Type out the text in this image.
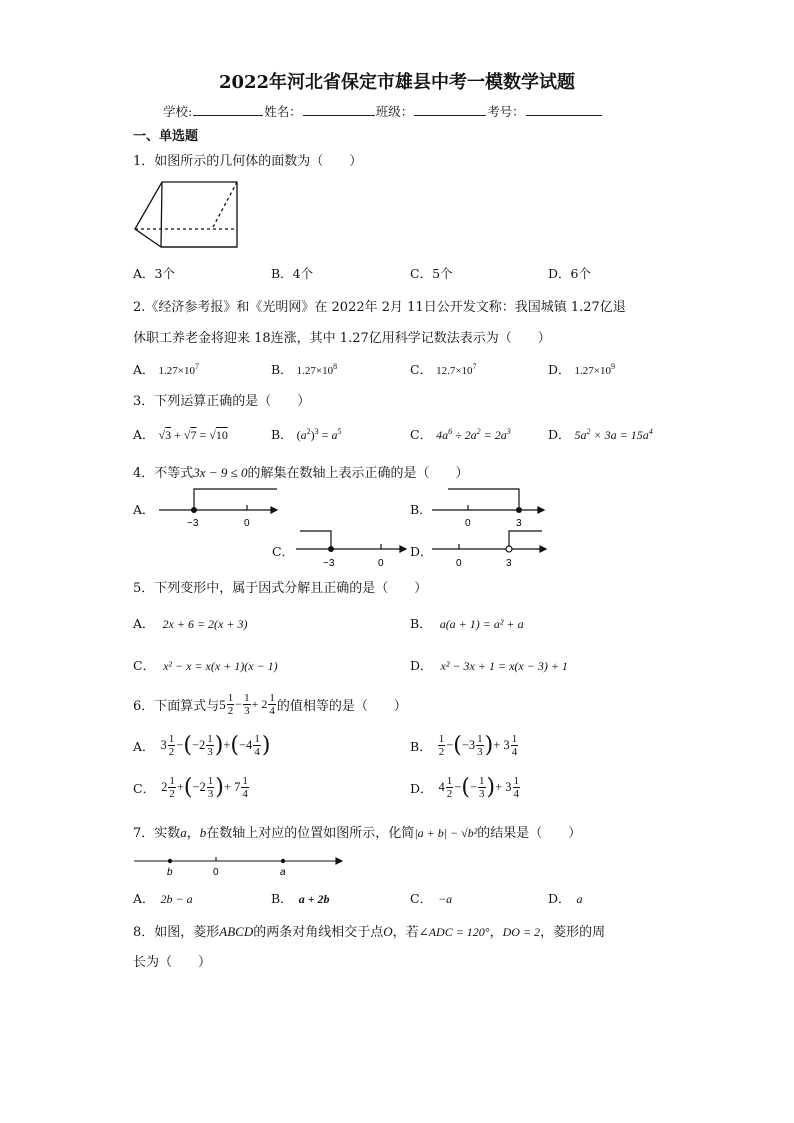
2022年河北省保定市雄县中考一模数学试题
学校:	姓名：	班级：	考号：
一、单选题
1．如图所示的几何体的面数为（　　）
A．3个	B．4个	C．5个	D．6个
2.《经济参考报》和《光明网》在 2022年 2月 11日公开发文称：我国城镇 1.27亿退
休职工养老金将迎来 18连涨，其中 1.27亿用科学记数法表示为（　　）
A． $1.27\times 10^7$	B． $1.27\times 10^8$	C． $12.7\times 10^7$	D． $1.27\times 10^9$
3．下列运算正确的是（　　）
A． √3 + √7 = √10	B． $(a^2)^3 = a^5$	C． $4a^6 \div 2a^2 = 2a^3$	D． $5a^2 \times 3a = 15a^4$
4．不等式3x − 9 ≤ 0的解集在数轴上表示正确的是（　　）
A．
−3	0
B．
0	3
C．
−3	0
D．
0	3
5．下列变形中，属于因式分解且正确的是（　　）
A． 2x + 6 = 2(x + 3)	B． a(a + 1) = a² + a
C． x² − x = x(x + 1)(x − 1)	D． x² − 3x + 1 = x(x − 3) + 1
6．下面算式与 $5 \frac{1}{2} - \frac{1}{3} + 2 \frac{1}{4}$ 的值相等的是（　　）
A． $3 \frac{1}{2}$ − ( $-2 \frac{1}{3}$ ) + ( $-4 \frac{1}{4}$ )	B． $\frac{1}{2}$ − ( $-3 \frac{1}{3}$ ) + $3 \frac{1}{4}$
C． $2 \frac{1}{2}$ + ( $-2 \frac{1}{3}$ ) + $7 \frac{1}{4}$	D． $4 \frac{1}{2}$ − ( − $\frac{1}{3}$ ) + $3 \frac{1}{4}$
7．实数a，b在数轴上对应的位置如图所示，化简|a + b| − √b²的结果是（　　）
b	0	a
A． 2b − a	B． a + 2b	C． −a	D． a
8．如图，菱形ABCD的两条对角线相交于点O，若∠ADC = 120°，DO = 2，菱形的周
长为（　　）
